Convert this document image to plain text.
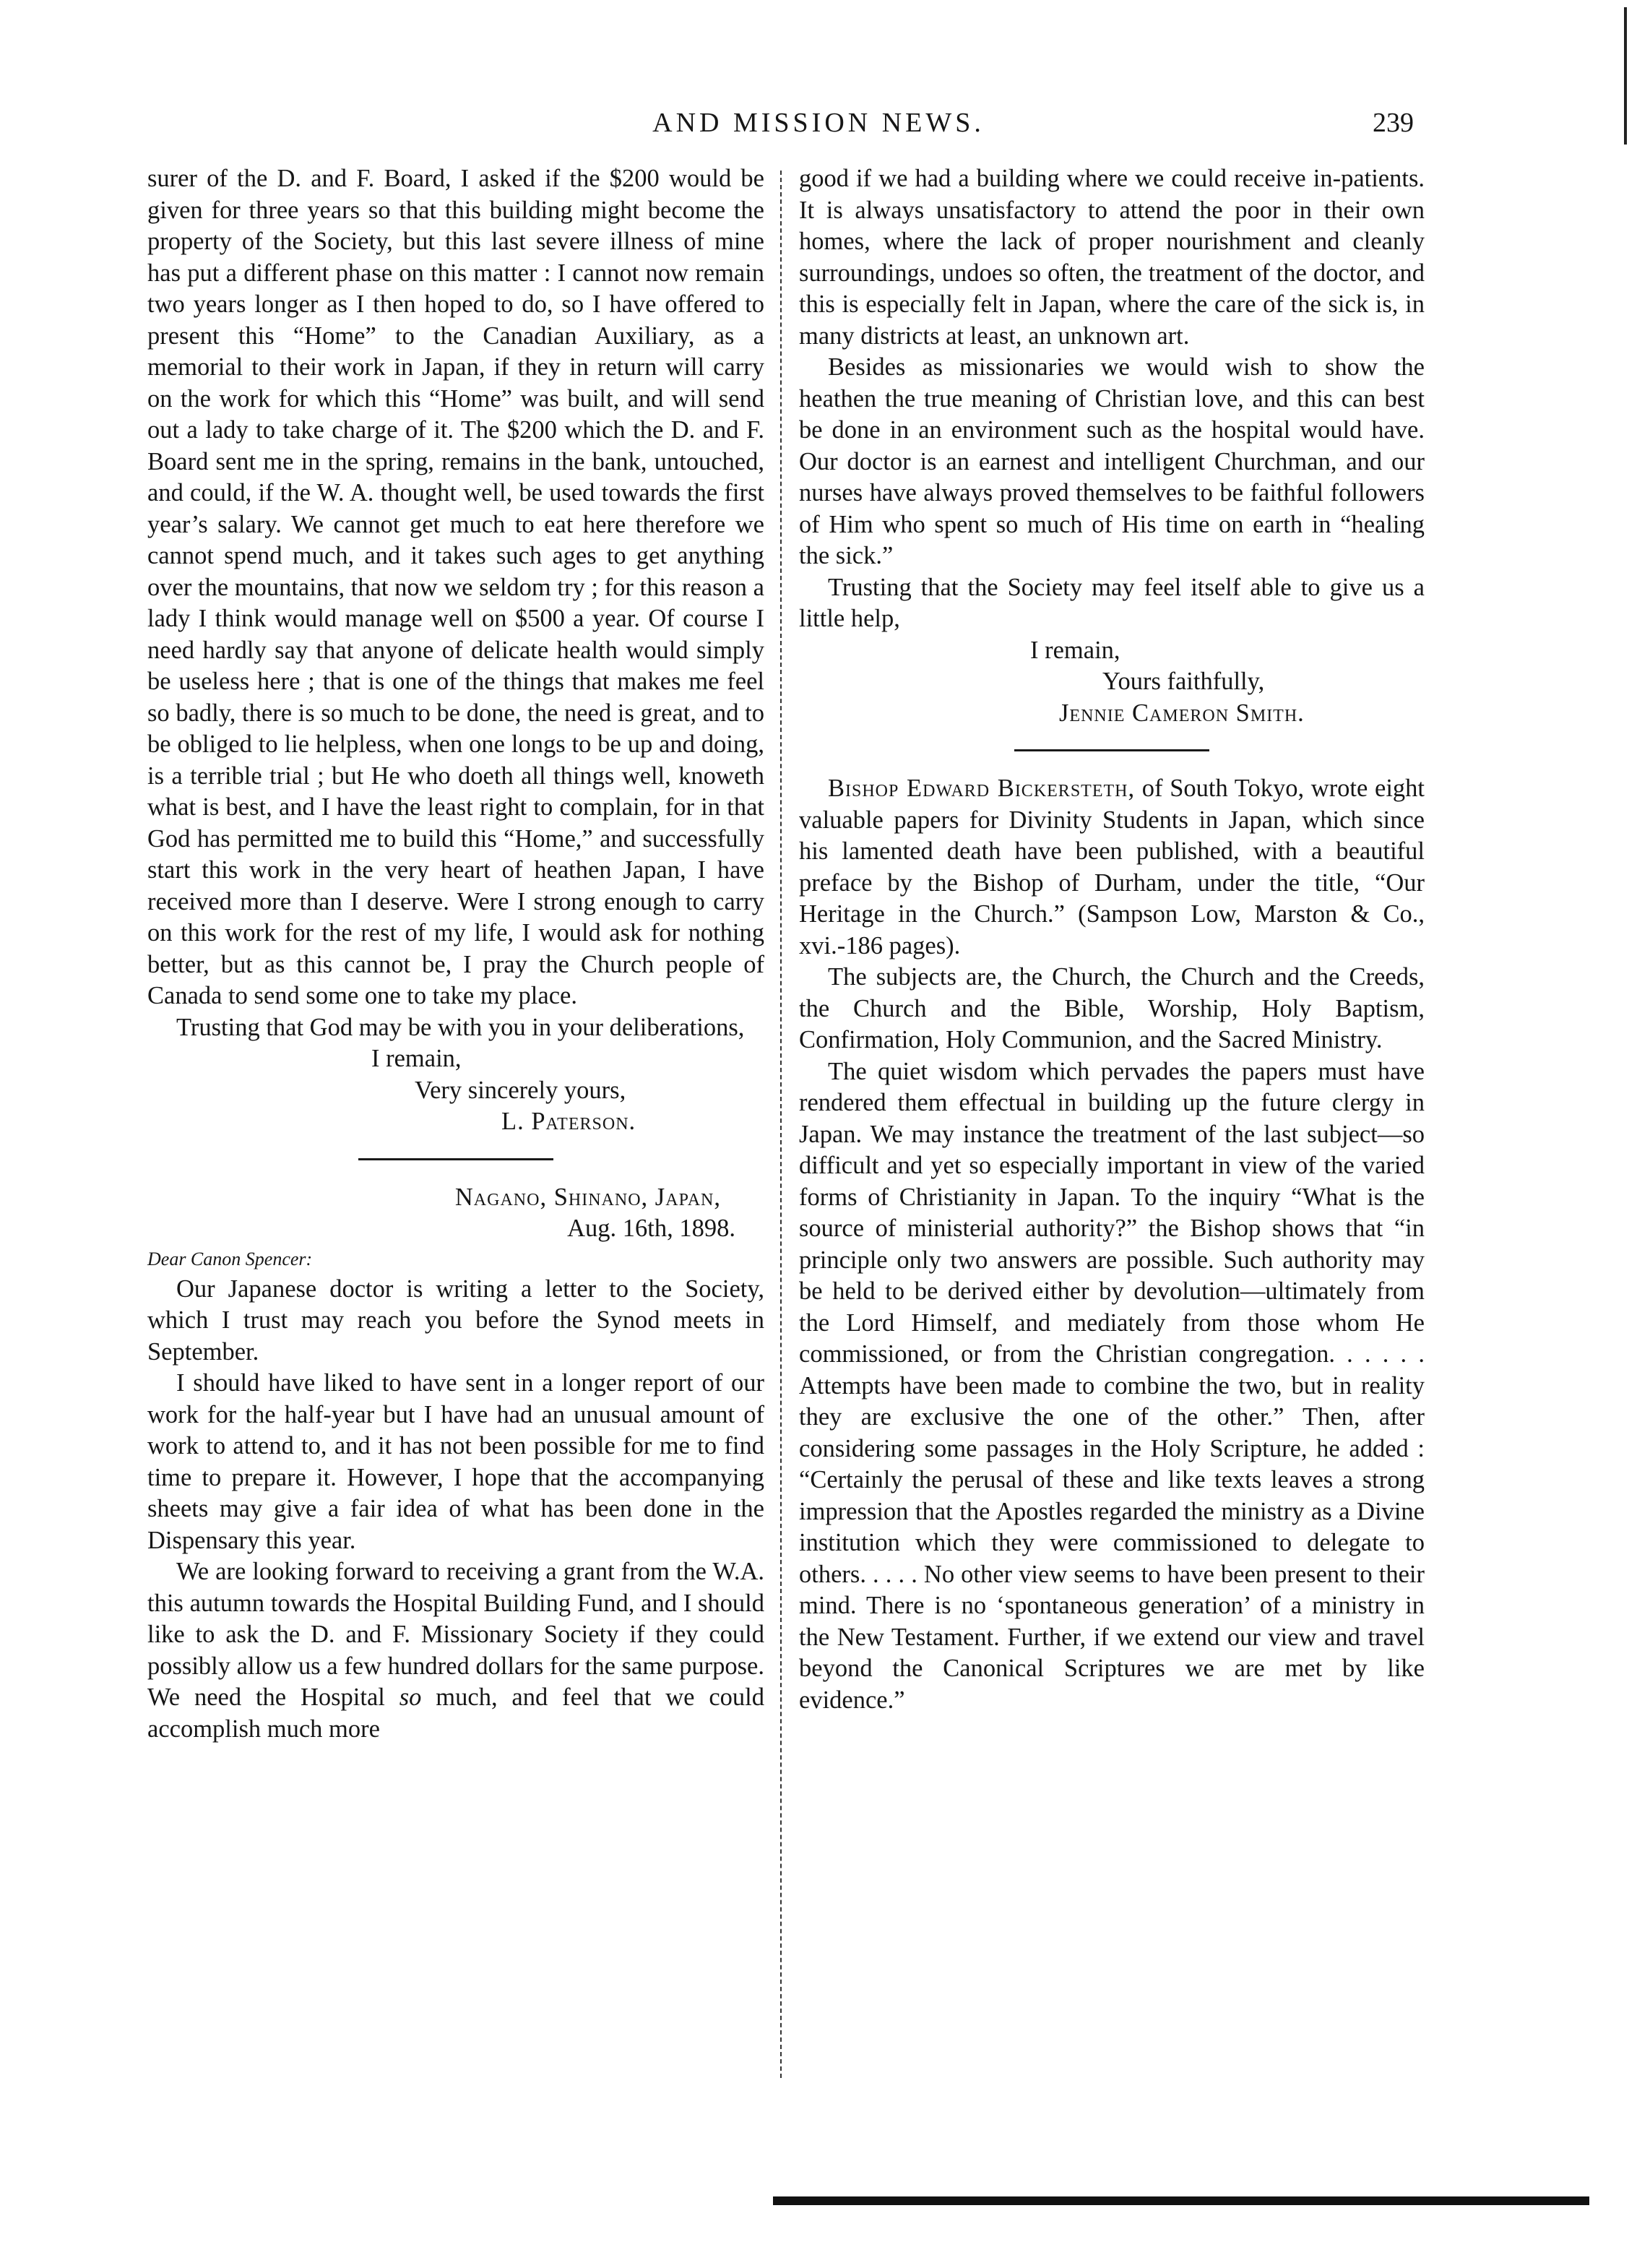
AND MISSION NEWS.	239

surer of the D. and F. Board, I asked if the $200 would be given for three years so that this building might become the property of the Society, but this last severe illness of mine has put a different phase on this matter : I cannot now remain two years longer as I then hoped to do, so I have offered to present this “Home” to the Canadian Auxiliary, as a memorial to their work in Japan, if they in return will carry on the work for which this “Home” was built, and will send out a lady to take charge of it. The $200 which the D. and F. Board sent me in the spring, remains in the bank, untouched, and could, if the W. A. thought well, be used towards the first year’s salary. We cannot get much to eat here therefore we cannot spend much, and it takes such ages to get anything over the mountains, that now we seldom try ; for this reason a lady I think would manage well on $500 a year. Of course I need hardly say that anyone of delicate health would simply be useless here ; that is one of the things that makes me feel so badly, there is so much to be done, the need is great, and to be obliged to lie helpless, when one longs to be up and doing, is a terrible trial ; but He who doeth all things well, knoweth what is best, and I have the least right to complain, for in that God has permitted me to build this “Home,” and successfully start this work in the very heart of heathen Japan, I have received more than I deserve. Were I strong enough to carry on this work for the rest of my life, I would ask for nothing better, but as this cannot be, I pray the Church people of Canada to send some one to take my place.

Trusting that God may be with you in your deliberations,

I remain,

Very sincerely yours,

L. Paterson.

Nagano, Shinano, Japan,

Aug. 16th, 1898.

Dear Canon Spencer:

Our Japanese doctor is writing a letter to the Society, which I trust may reach you before the Synod meets in September.

I should have liked to have sent in a longer report of our work for the half-year but I have had an unusual amount of work to attend to, and it has not been possible for me to find time to prepare it. However, I hope that the accompanying sheets may give a fair idea of what has been done in the Dispensary this year.

We are looking forward to receiving a grant from the W.A. this autumn towards the Hospital Building Fund, and I should like to ask the D. and F. Missionary Society if they could possibly allow us a few hundred dollars for the same purpose. We need the Hospital so much, and feel that we could accomplish much more

good if we had a building where we could receive in-patients. It is always unsatisfactory to attend the poor in their own homes, where the lack of proper nourishment and cleanly surroundings, undoes so often, the treatment of the doctor, and this is especially felt in Japan, where the care of the sick is, in many districts at least, an unknown art.

Besides as missionaries we would wish to show the heathen the true meaning of Christian love, and this can best be done in an environment such as the hospital would have. Our doctor is an earnest and intelligent Churchman, and our nurses have always proved themselves to be faithful followers of Him who spent so much of His time on earth in “healing the sick.”

Trusting that the Society may feel itself able to give us a little help,

I remain,

Yours faithfully,

Jennie Cameron Smith.

Bishop Edward Bickersteth, of South Tokyo, wrote eight valuable papers for Divinity Students in Japan, which since his lamented death have been published, with a beautiful preface by the Bishop of Durham, under the title, “Our Heritage in the Church.” (Sampson Low, Marston & Co., xvi.-186 pages).

The subjects are, the Church, the Church and the Creeds, the Church and the Bible, Worship, Holy Baptism, Confirmation, Holy Communion, and the Sacred Ministry.

The quiet wisdom which pervades the papers must have rendered them effectual in building up the future clergy in Japan. We may instance the treatment of the last subject—so difficult and yet so especially important in view of the varied forms of Christianity in Japan. To the inquiry “What is the source of ministerial authority?” the Bishop shows that “in principle only two answers are possible. Such authority may be held to be derived either by devolution—ultimately from the Lord Himself, and mediately from those whom He commissioned, or from the Christian congregation. . . . . . Attempts have been made to combine the two, but in reality they are exclusive the one of the other.” Then, after considering some passages in the Holy Scripture, he added : “Certainly the perusal of these and like texts leaves a strong impression that the Apostles regarded the ministry as a Divine institution which they were commissioned to delegate to others. . . . . No other view seems to have been present to their mind. There is no ‘spontaneous generation’ of a ministry in the New Testament. Further, if we extend our view and travel beyond the Canonical Scriptures we are met by like evidence.”
